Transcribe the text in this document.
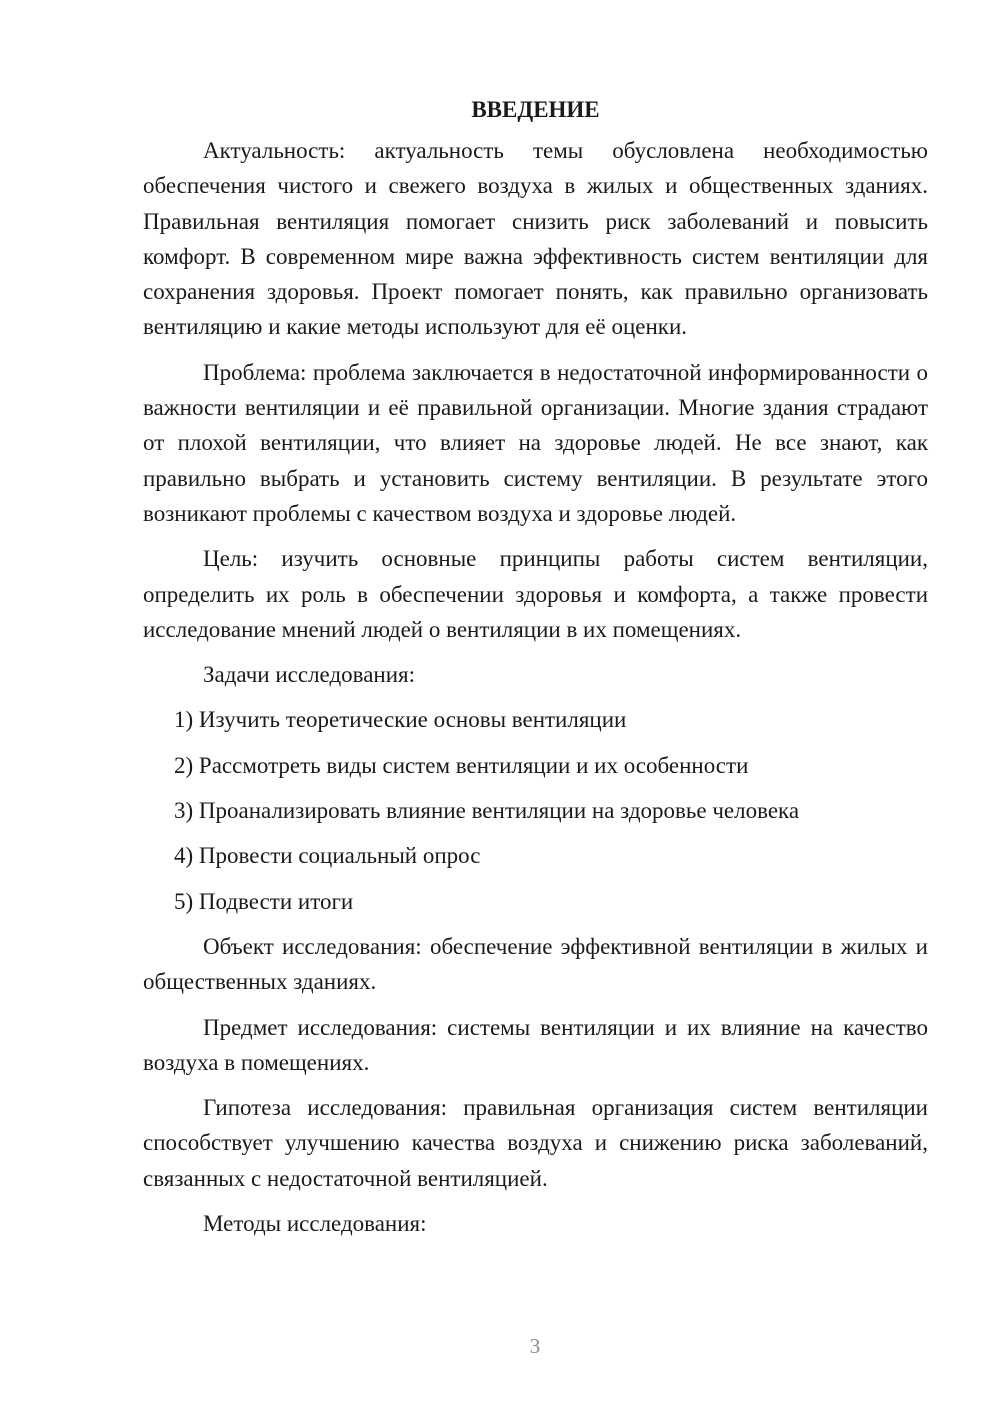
ВВЕДЕНИЕ
Актуальность: актуальность темы обусловлена необходимостью обеспечения чистого и свежего воздуха в жилых и общественных зданиях. Правильная вентиляция помогает снизить риск заболеваний и повысить комфорт. В современном мире важна эффективность систем вентиляции для сохранения здоровья. Проект помогает понять, как правильно организовать вентиляцию и какие методы используют для её оценки.
Проблема: проблема заключается в недостаточной информированности о важности вентиляции и её правильной организации. Многие здания страдают от плохой вентиляции, что влияет на здоровье людей. Не все знают, как правильно выбрать и установить систему вентиляции. В результате этого возникают проблемы с качеством воздуха и здоровье людей.
Цель: изучить основные принципы работы систем вентиляции, определить их роль в обеспечении здоровья и комфорта, а также провести исследование мнений людей о вентиляции в их помещениях.
Задачи исследования:
1) Изучить теоретические основы вентиляции
2) Рассмотреть виды систем вентиляции и их особенности
3) Проанализировать влияние вентиляции на здоровье человека
4) Провести социальный опрос
5) Подвести итоги
Объект исследования: обеспечение эффективной вентиляции в жилых и общественных зданиях.
Предмет исследования: системы вентиляции и их влияние на качество воздуха в помещениях.
Гипотеза исследования: правильная организация систем вентиляции способствует улучшению качества воздуха и снижению риска заболеваний, связанных с недостаточной вентиляцией.
Методы исследования:
3
